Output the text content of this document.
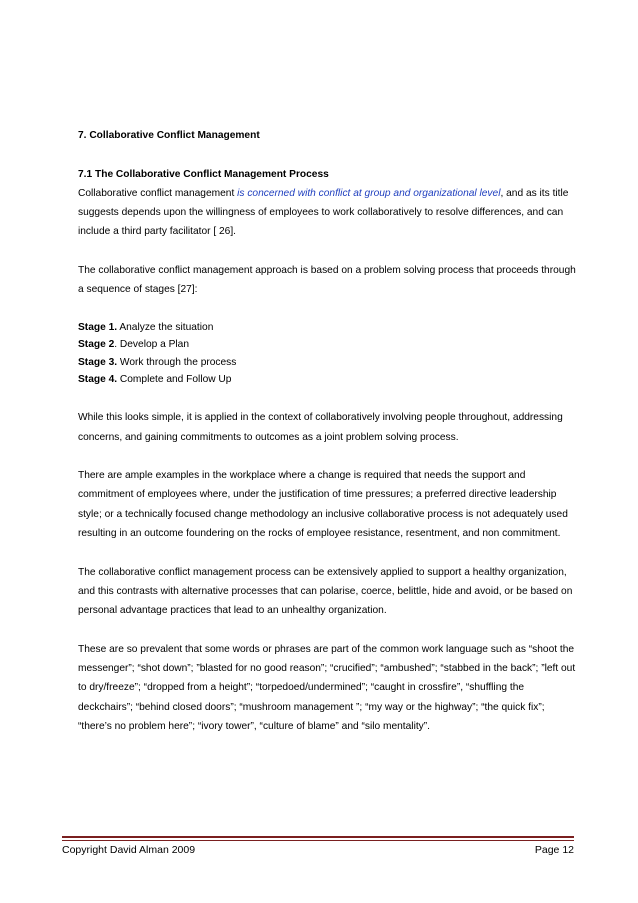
7. Collaborative Conflict Management

7.1 The Collaborative Conflict Management Process

Collaborative conflict management is concerned with conflict at group and organizational level, and as its title suggests depends upon the willingness of employees to work collaboratively to resolve differences, and can include a third party facilitator [ 26].

The collaborative conflict management approach is based on a problem solving process that proceeds through a sequence of stages [27]:

Stage 1. Analyze the situation

Stage 2. Develop a Plan

Stage 3. Work through the process

Stage 4. Complete and Follow Up

While this looks simple, it is applied in the context of collaboratively involving people throughout, addressing concerns, and gaining commitments to outcomes as a joint problem solving process.

There are ample examples in the workplace where a change is required that needs the support and commitment of employees where, under the justification of time pressures; a preferred directive leadership style; or a technically focused change methodology an inclusive collaborative process is not adequately used resulting in an outcome foundering on the rocks of employee resistance, resentment, and non commitment.

The collaborative conflict management process can be extensively applied to support a healthy organization, and this contrasts with alternative processes that can polarise, coerce, belittle, hide and avoid, or be based on personal advantage practices that lead to an unhealthy organization.

These are so prevalent that some words or phrases are part of the common work language such as “shoot the messenger”; “shot down”; ”blasted for no good reason”; “crucified”; “ambushed”; “stabbed in the back”; ”left out to dry/freeze”; “dropped from a height”; “torpedoed/undermined”; “caught in crossfire”, “shuffling the deckchairs”; “behind closed doors”; “mushroom management ”; “my way or the highway”; “the quick fix”; “there’s no problem here”; “ivory tower”, “culture of blame” and “silo mentality”.

Copyright David Alman 2009	Page 12
